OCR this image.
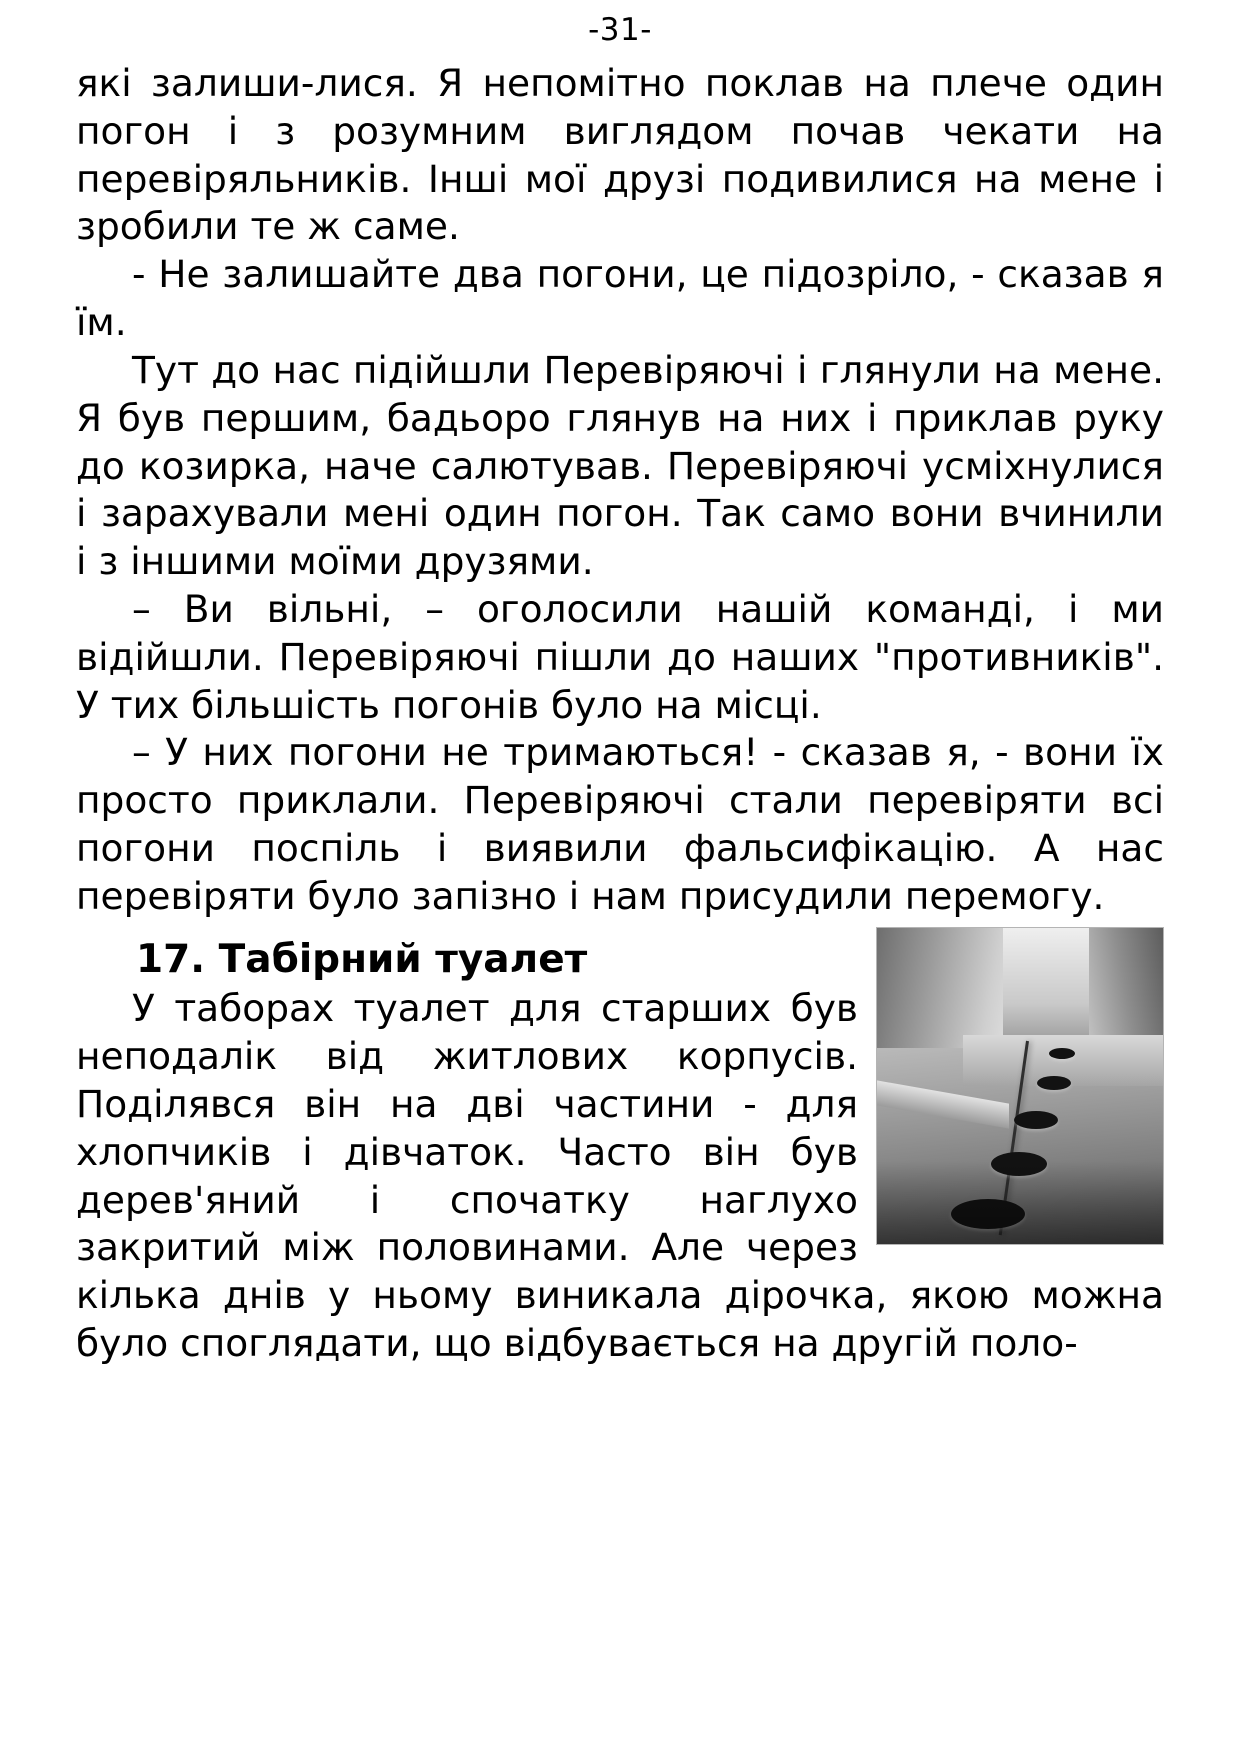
-31-

які залиши-лися. Я непомітно поклав на плече один погон і з розумним виглядом почав чекати на перевіряльників. Інші мої друзі подивилися на мене і зробили те ж саме.

- Не залишайте два погони, це підозріло, - сказав я їм.

Тут до нас підійшли Перевіряючі і глянули на мене. Я був першим, бадьоро глянув на них і приклав руку до козирка, наче салютував. Перевіряючі усміхнулися і зарахували мені один погон. Так само вони вчинили і з іншими моїми друзями.

– Ви вільні, – оголосили нашій команді, і ми відійшли. Перевіряючі пішли до наших "противників". У тих більшість погонів було на місці.

– У них погони не тримаються! - сказав я, - вони їх просто приклали. Перевіряючі стали перевіряти всі погони поспіль і виявили фальсифікацію. А нас перевіряти було запізно і нам присудили перемогу.

17. Табірний туалет

У таборах туалет для старших був неподалік від житлових корпусів. Поділявся він на дві частини - для хлопчиків і дівчаток. Часто він був дерев'яний і спочатку наглухо закритий між половинами. Але через кілька днів у ньому виникала дірочка, якою можна було споглядати, що відбувається на другій поло-
